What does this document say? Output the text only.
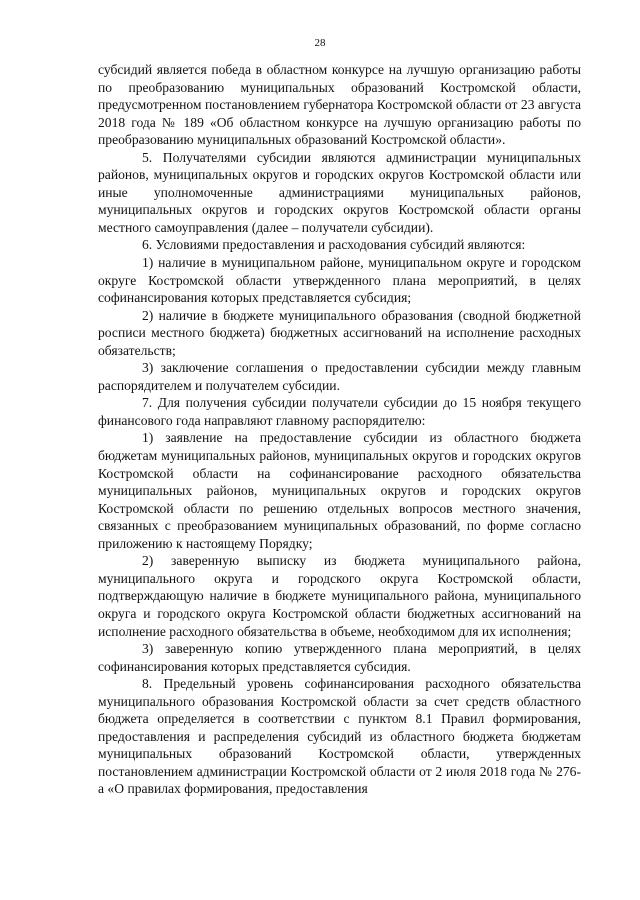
28

субсидий является победа в областном конкурсе на лучшую организацию работы по преобразованию муниципальных образований Костромской области, предусмотренном постановлением губернатора Костромской области от 23 августа 2018 года № 189 «Об областном конкурсе на лучшую организацию работы по преобразованию муниципальных образований Костромской области».

5. Получателями субсидии являются администрации муниципальных районов, муниципальных округов и городских округов Костромской области или иные уполномоченные администрациями муниципальных районов, муниципальных округов и городских округов Костромской области органы местного самоуправления (далее – получатели субсидии).

6. Условиями предоставления и расходования субсидий являются:

1) наличие в муниципальном районе, муниципальном округе и городском округе Костромской области утвержденного плана мероприятий, в целях софинансирования которых представляется субсидия;

2) наличие в бюджете муниципального образования (сводной бюджетной росписи местного бюджета) бюджетных ассигнований на исполнение расходных обязательств;

3) заключение соглашения о предоставлении субсидии между главным распорядителем и получателем субсидии.

7. Для получения субсидии получатели субсидии до 15 ноября текущего финансового года направляют главному распорядителю:

1) заявление на предоставление субсидии из областного бюджета бюджетам муниципальных районов, муниципальных округов и городских округов Костромской области на софинансирование расходного обязательства муниципальных районов, муниципальных округов и городских округов Костромской области по решению отдельных вопросов местного значения, связанных с преобразованием муниципальных образований, по форме согласно приложению к настоящему Порядку;

2) заверенную выписку из бюджета муниципального района, муниципального округа и городского округа Костромской области, подтверждающую наличие в бюджете муниципального района, муниципального округа и городского округа Костромской области бюджетных ассигнований на исполнение расходного обязательства в объеме, необходимом для их исполнения;

3) заверенную копию утвержденного плана мероприятий, в целях софинансирования которых представляется субсидия.

8. Предельный уровень софинансирования расходного обязательства муниципального образования Костромской области за счет средств областного бюджета определяется в соответствии с пунктом 8.1 Правил формирования, предоставления и распределения субсидий из областного бюджета бюджетам муниципальных образований Костромской области, утвержденных постановлением администрации Костромской области от 2 июля 2018 года № 276-а «О правилах формирования, предоставления
